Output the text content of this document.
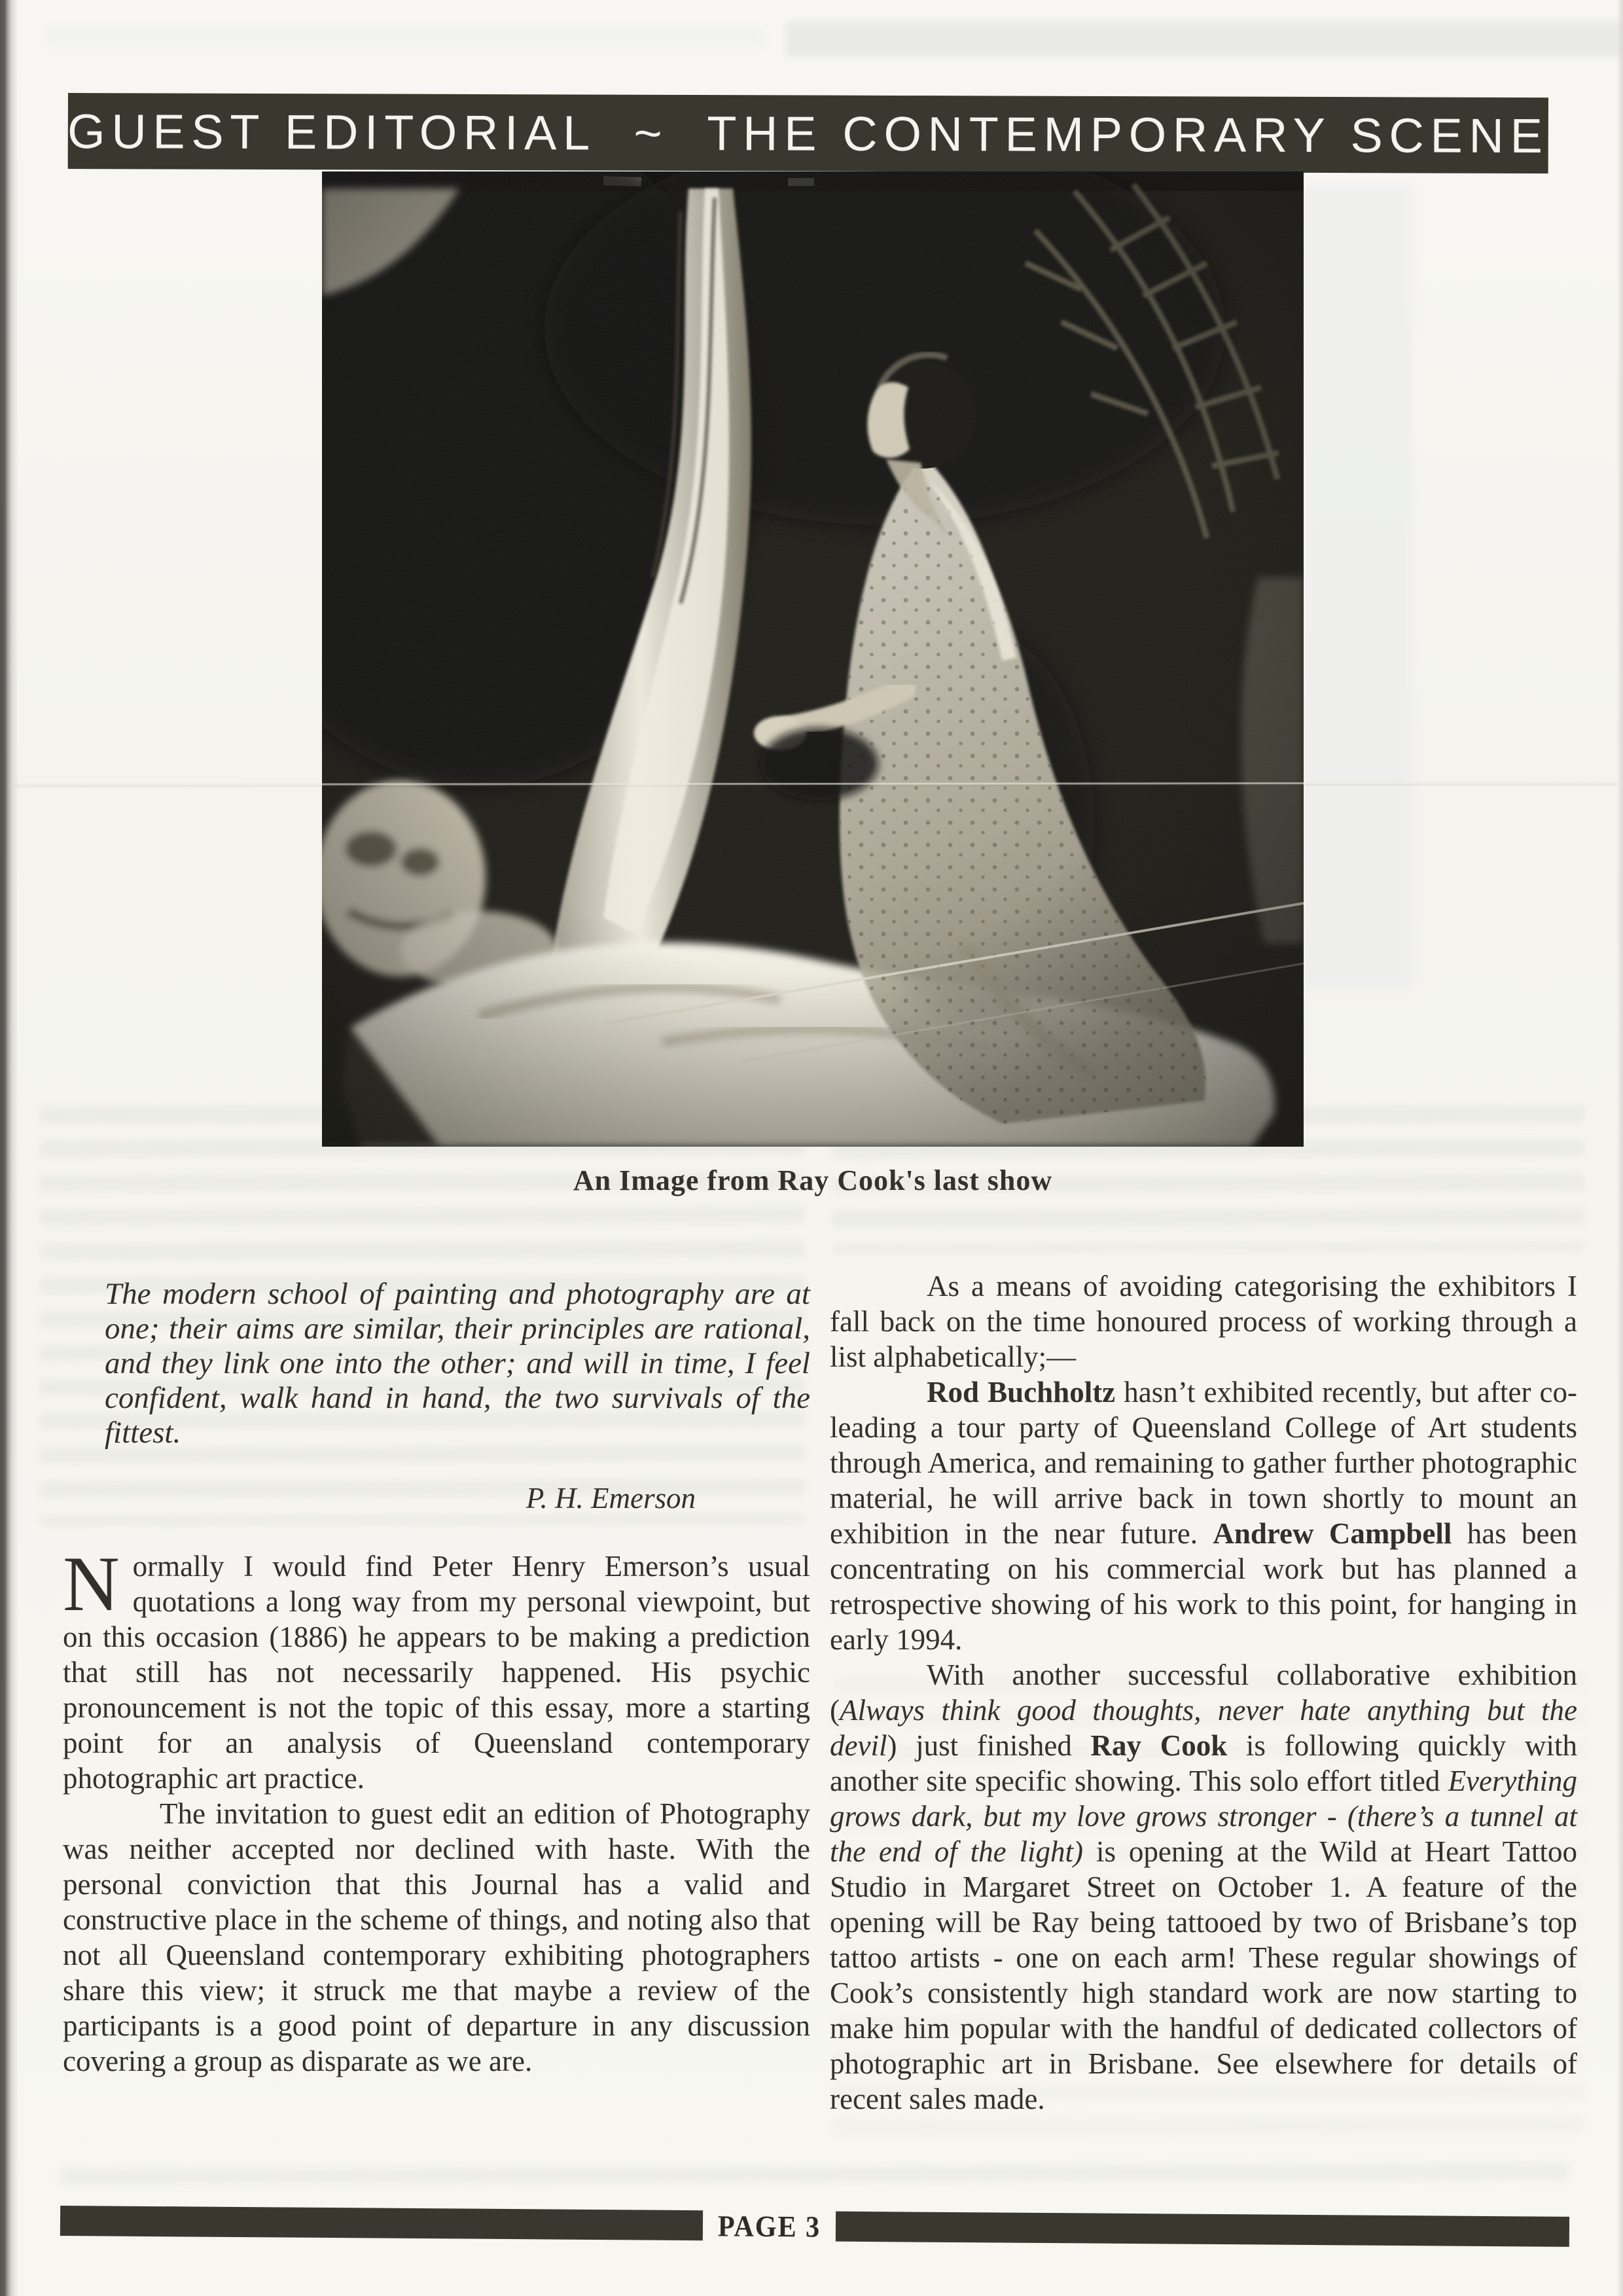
GUEST EDITORIAL  ~  THE CONTEMPORARY SCENE
An Image from Ray Cook's last show

The modern school of painting and photography are at one; their aims are similar, their principles are rational, and they link one into the other; and will in time, I feel confident, walk hand in hand, the two survivals of the fittest.

P. H. Emerson

Normally I would find Peter Henry Emerson’s usual quotations a long way from my personal viewpoint, but on this occasion (1886) he appears to be making a prediction that still has not necessarily happened. His psychic pronouncement is not the topic of this essay, more a starting point for an analysis of Queensland contemporary photographic art practice.

The invitation to guest edit an edition of Photography was neither accepted nor declined with haste. With the personal conviction that this Journal has a valid and constructive place in the scheme of things, and noting also that not all Queensland contemporary exhibiting photographers share this view; it struck me that maybe a review of the participants is a good point of departure in any discussion covering a group as disparate as we are.

As a means of avoiding categorising the exhibitors I fall back on the time honoured process of working through a list alphabetically;—

Rod Buchholtz hasn’t exhibited recently, but after co-leading a tour party of Queensland College of Art students through America, and remaining to gather further photographic material, he will arrive back in town shortly to mount an exhibition in the near future. Andrew Campbell has been concentrating on his commercial work but has planned a retrospective showing of his work to this point, for hanging in early 1994.

With another successful collaborative exhibition (Always think good thoughts, never hate anything but the devil) just finished Ray Cook is following quickly with another site specific showing. This solo effort titled Everything grows dark, but my love grows stronger - (there’s a tunnel at the end of the light) is opening at the Wild at Heart Tattoo Studio in Margaret Street on October 1. A feature of the opening will be Ray being tattooed by two of Brisbane’s top tattoo artists - one on each arm! These regular showings of Cook’s consistently high standard work are now starting to make him popular with the handful of dedicated collectors of photographic art in Brisbane. See elsewhere for details of recent sales made.

PAGE 3
